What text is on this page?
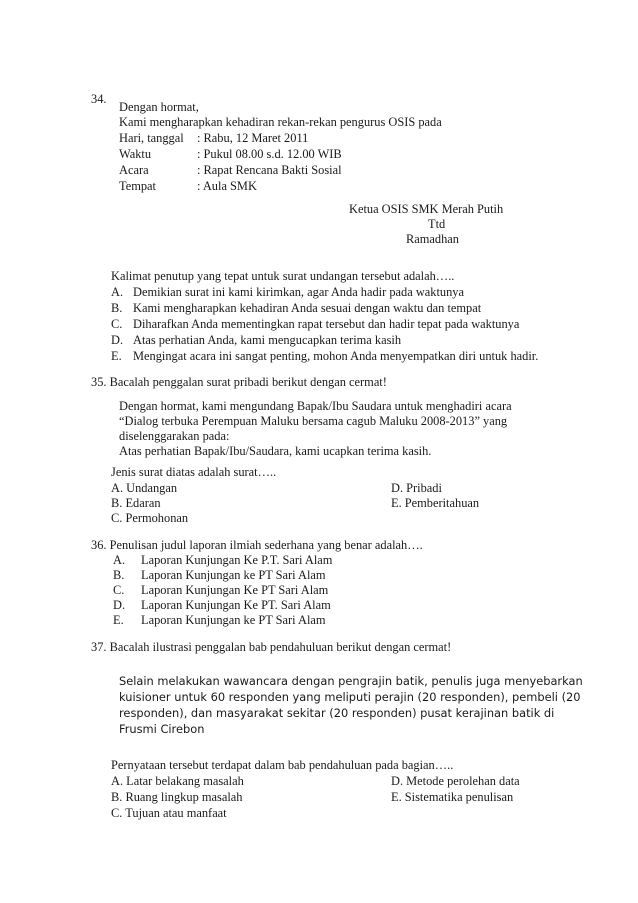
34.
Dengan hormat,
Kami mengharapkan kehadiran rekan-rekan pengurus OSIS pada
Hari, tanggal : Rabu, 12 Maret 2011
Waktu	: Pukul 08.00 s.d. 12.00 WIB
Acara	: Rapat Rencana Bakti Sosial
Tempat	: Aula SMK
Ketua OSIS SMK Merah Putih
Ttd
Ramadhan
Kalimat penutup yang tepat untuk surat undangan tersebut adalah…..
A. Demikian surat ini kami kirimkan, agar Anda hadir pada waktunya
B. Kami mengharapkan kehadiran Anda sesuai dengan waktu dan tempat
C. Diharafkan Anda mementingkan rapat tersebut dan hadir tepat pada waktunya
D. Atas perhatian Anda, kami mengucapkan terima kasih
E. Mengingat acara ini sangat penting, mohon Anda menyempatkan diri untuk hadir.
35. Bacalah penggalan surat pribadi berikut dengan cermat!
Dengan hormat, kami mengundang Bapak/Ibu Saudara untuk menghadiri acara
“Dialog terbuka Perempuan Maluku bersama cagub Maluku 2008-2013” yang
diselenggarakan pada:
Atas perhatian Bapak/Ibu/Saudara, kami ucapkan terima kasih.
Jenis surat diatas adalah surat…..
A. Undangan
B. Edaran
C. Permohonan
D. Pribadi
E. Pemberitahuan
36. Penulisan judul laporan ilmiah sederhana yang benar adalah….
A. Laporan Kunjungan Ke P.T. Sari Alam
B. Laporan Kunjungan ke PT Sari Alam
C. Laporan Kunjungan Ke PT Sari Alam
D. Laporan Kunjungan Ke PT. Sari Alam
E. Laporan Kunjungan ke PT Sari Alam
37. Bacalah ilustrasi penggalan bab pendahuluan berikut dengan cermat!
Selain melakukan wawancara dengan pengrajin batik, penulis juga menyebarkan
kuisioner untuk 60 responden yang meliputi perajin (20 responden), pembeli (20
responden), dan masyarakat sekitar (20 responden) pusat kerajinan batik di
Frusmi Cirebon
Pernyataan tersebut terdapat dalam bab pendahuluan pada bagian…..
A. Latar belakang masalah
B. Ruang lingkup masalah
C. Tujuan atau manfaat
D. Metode perolehan data
E. Sistematika penulisan
